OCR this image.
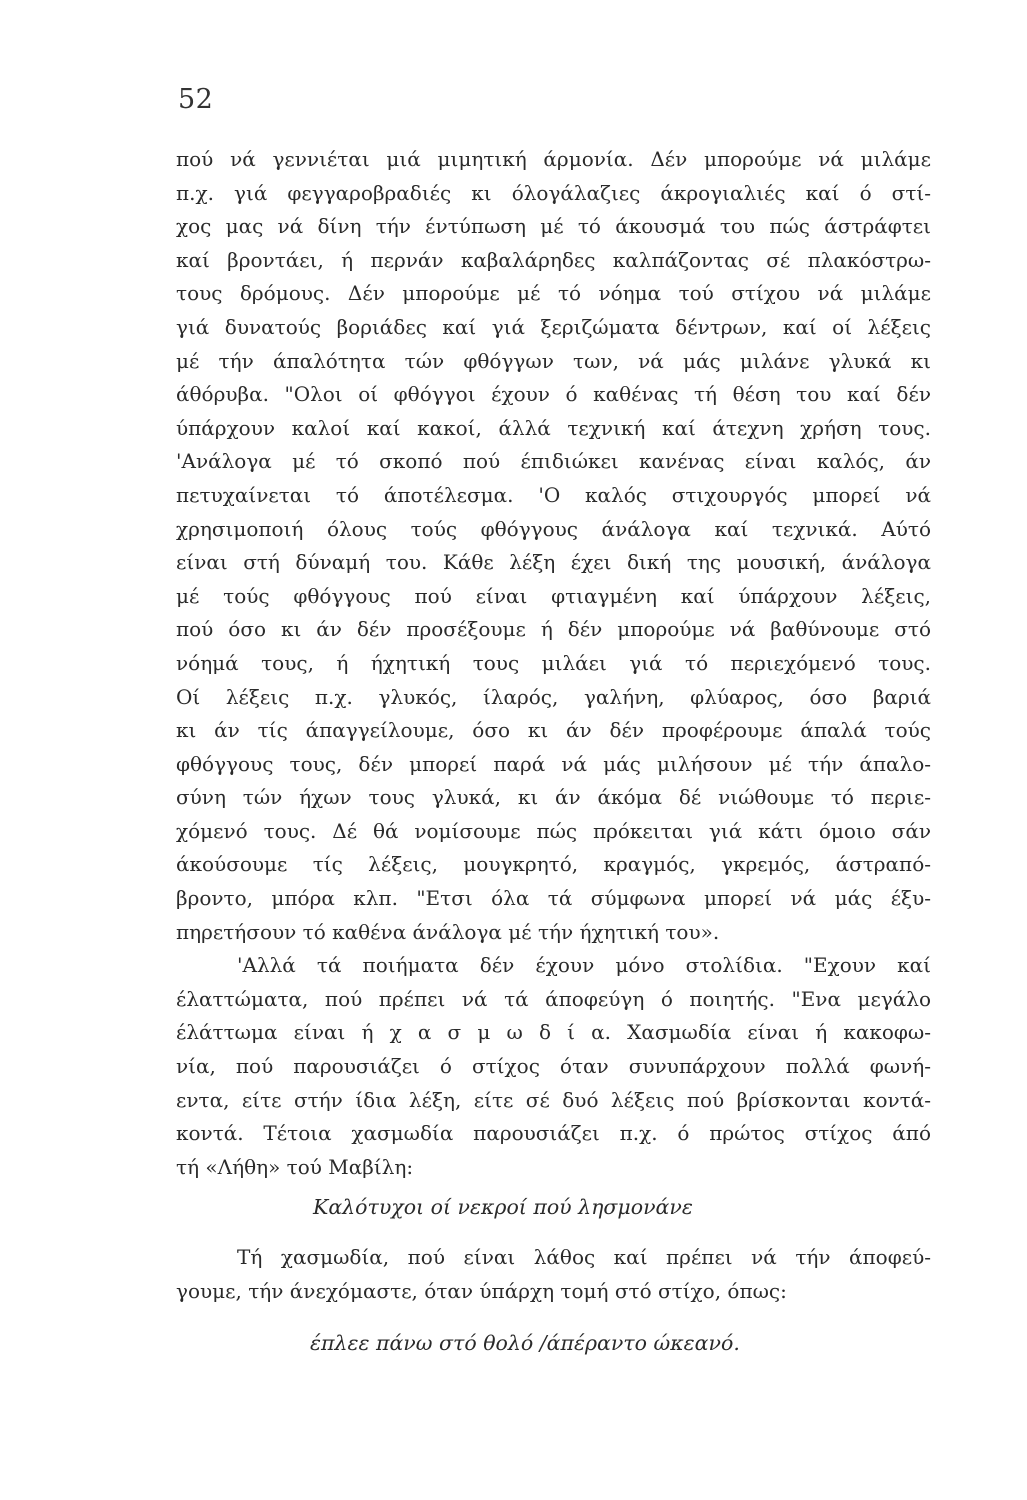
52
πού νά γεννιέται μιά μιμητική άρμονία. Δέν μπορούμε νά μιλάμε
π.χ. γιά φεγγαροβραδιές κι όλογάλαζιες άκρογιαλιές καί ό στί-
χος μας νά δίνη τήν έντύπωση μέ τό άκουσμά του πώς άστράφτει
καί βροντάει, ή περνάν καβαλάρηδες καλπάζοντας σέ πλακόστρω-
τους δρόμους. Δέν μπορούμε μέ τό νόημα τού στίχου νά μιλάμε
γιά δυνατούς βοριάδες καί γιά ξεριζώματα δέντρων, καί οί λέξεις
μέ τήν άπαλότητα τών φθόγγων των, νά μάς μιλάνε γλυκά κι
άθόρυβα. "Ολοι οί φθόγγοι έχουν ό καθένας τή θέση του καί δέν
ύπάρχουν καλοί καί κακοί, άλλά τεχνική καί άτεχνη χρήση τους.
'Ανάλογα μέ τό σκοπό πού έπιδιώκει κανένας είναι καλός, άν
πετυχαίνεται τό άποτέλεσμα. 'Ο καλός στιχουργός μπορεί νά
χρησιμοποιή όλους τούς φθόγγους άνάλογα καί τεχνικά. Αύτό
είναι στή δύναμή του. Κάθε λέξη έχει δική της μουσική, άνάλογα
μέ τούς φθόγγους πού είναι φτιαγμένη καί ύπάρχουν λέξεις,
πού όσο κι άν δέν προσέξουμε ή δέν μπορούμε νά βαθύνουμε στό
νόημά τους, ή ήχητική τους μιλάει γιά τό περιεχόμενό τους.
Οί λέξεις π.χ. γλυκός, ίλαρός, γαλήνη, φλύαρος, όσο βαριά
κι άν τίς άπαγγείλουμε, όσο κι άν δέν προφέρουμε άπαλά τούς
φθόγγους τους, δέν μπορεί παρά νά μάς μιλήσουν μέ τήν άπαλο-
σύνη τών ήχων τους γλυκά, κι άν άκόμα δέ νιώθουμε τό περιε-
χόμενό τους. Δέ θά νομίσουμε πώς πρόκειται γιά κάτι όμοιο σάν
άκούσουμε τίς λέξεις, μουγκρητό, κραγμός, γκρεμός, άστραπό-
βροντο, μπόρα κλπ. "Ετσι όλα τά σύμφωνα μπορεί νά μάς έξυ-
πηρετήσουν τό καθένα άνάλογα μέ τήν ήχητική του».
'Αλλά τά ποιήματα δέν έχουν μόνο στολίδια. "Εχουν καί
έλαττώματα, πού πρέπει νά τά άποφεύγη ό ποιητής. "Ενα μεγάλο
έλάττωμα είναι ή χ α σ μ ω δ ί α. Χασμωδία είναι ή κακοφω-
νία, πού παρουσιάζει ό στίχος όταν συνυπάρχουν πολλά φωνή-
εντα, είτε στήν ίδια λέξη, είτε σέ δυό λέξεις πού βρίσκονται κοντά-
κοντά. Τέτοια χασμωδία παρουσιάζει π.χ. ό πρώτος στίχος άπό
τή «Λήθη» τού Μαβίλη:
Καλότυχοι οί νεκροί πού λησμονάνε
Τή χασμωδία, πού είναι λάθος καί πρέπει νά τήν άποφεύ-
γουμε, τήν άνεχόμαστε, όταν ύπάρχη τομή στό στίχο, όπως:
έπλεε πάνω στό θολό /άπέραντο ώκεανό.
